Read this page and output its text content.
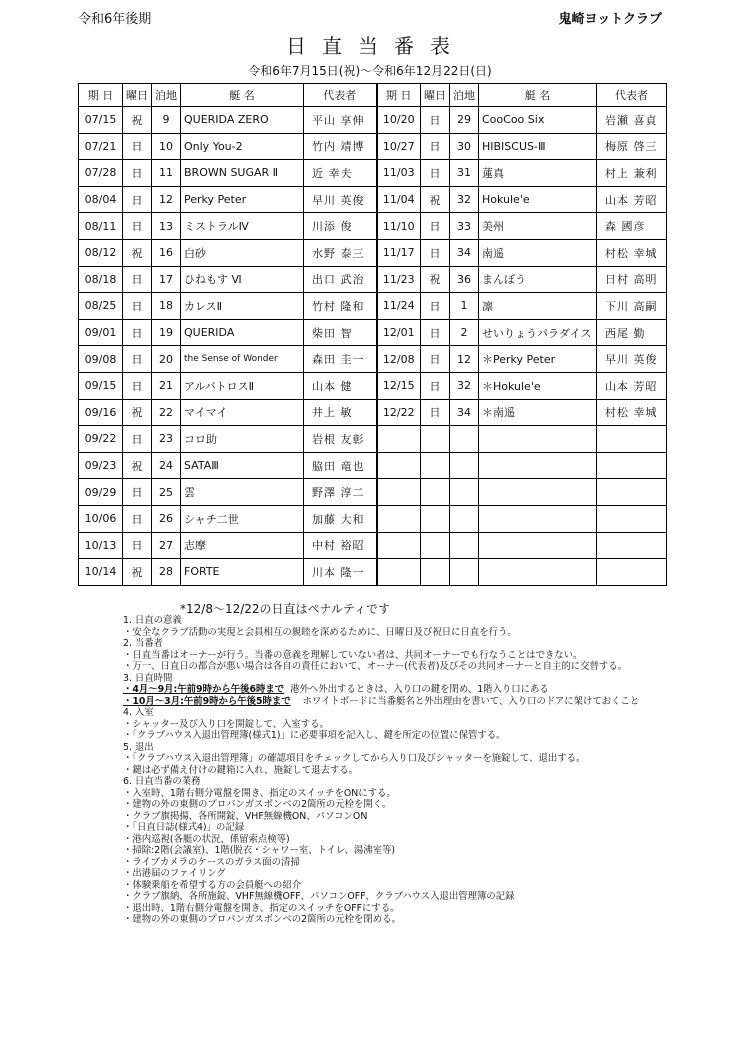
令和6年後期	鬼崎ヨットクラブ
日直当番表
令和6年7月15日(祝)〜令和6年12月22日(日)
期 日	曜日	泊地	艇 名	代表者	期 日	曜日	泊地	艇 名	代表者
07/15	祝	9	QUERIDA ZERO	平山 享伸	10/20	日	29	CooCoo Six	岩瀬 喜貞
07/21	日	10	Only You-2	竹内 靖博	10/27	日	30	HIBISCUS-Ⅲ	梅原 啓三
07/28	日	11	BROWN SUGAR Ⅱ	近 幸夫	11/03	日	31	蓮真	村上 兼利
08/04	日	12	Perky Peter	早川 英俊	11/04	祝	32	Hokule'e	山本 芳昭
08/11	日	13	ミストラルⅣ	川添 俊	11/10	日	33	美州	森 國彦
08/12	祝	16	白砂	水野 泰三	11/17	日	34	南遥	村松 幸城
08/18	日	17	ひねもす Ⅵ	出口 武治	11/23	祝	36	まんぼう	日村 高明
08/25	日	18	カレスⅡ	竹村 隆和	11/24	日	1	凛	下川 高嗣
09/01	日	19	QUERIDA	柴田 智	12/01	日	2	せいりょうパラダイス	西尾 勤
09/08	日	20	the Sense of Wonder	森田 圭一	12/08	日	12	＊Perky Peter	早川 英俊
09/15	日	21	アルバトロスⅡ	山本 健	12/15	日	32	＊Hokule'e	山本 芳昭
09/16	祝	22	マイマイ	井上 敏	12/22	日	34	＊南遥	村松 幸城
09/22	日	23	コロ助	岩根 友彰					
09/23	祝	24	SATAⅢ	脇田 竜也					
09/29	日	25	雲	野澤 淳二					
10/06	日	26	シャチ二世	加藤 大和					
10/13	日	27	志摩	中村 裕昭					
10/14	祝	28	FORTE	川本 隆一					
*12/8〜12/22の日直はペナルティです
1. 日直の意義
・安全なクラブ活動の実現と会員相互の親睦を深めるために、日曜日及び祝日に日直を行う。
2. 当番者
・日直当番はオーナーが行う。当番の意義を理解していない者は、共同オーナーでも行なうことはできない。
・万一、日直日の都合が悪い場合は各自の責任において、オーナー(代表者)及びその共同オーナーと自主的に交替する。
3. 日直時間
・4月〜9月:午前9時から午後6時まで 港外へ外出するときは、入り口の鍵を閉め、1階入り口にある
・10月〜3月:午前9時から午後5時まで ホワイトボードに当番艇名と外出理由を書いて、入り口のドアに架けておくこと
4. 入室
・シャッター及び入り口を開錠して、入室する。
・「クラブハウス入退出管理簿(様式1)」に必要事項を記入し、鍵を所定の位置に保管する。
5. 退出
・「クラブハウス入退出管理簿」の確認項目をチェックしてから入り口及びシャッターを施錠して、退出する。
・鍵は必ず備え付けの鍵箱に入れ、施錠して退去する。
6. 日直当番の業務
・入室時、1階右側分電盤を開き、指定のスイッチをONにする。
・建物の外の東側のプロパンガスボンベの2箇所の元栓を開く。
・クラブ旗掲揚、各所開錠、VHF無線機ON、パソコンON
・「日直日誌(様式4)」の記録
・港内巡視(各艇の状況、係留索点検等)
・掃除:2階(会議室)、1階(脱衣・シャワー室、トイレ、湯沸室等)
・ライブカメラのケースのガラス面の清掃
・出港届のファイリング
・体験乗船を希望する方の会員艇への紹介
・クラブ旗納、各所施錠、VHF無線機OFF、パソコンOFF、クラブハウス入退出管理簿の記録
・退出時、1階右側分電盤を開き、指定のスイッチをOFFにする。
・建物の外の東側のプロパンガスボンベの2箇所の元栓を閉める。
